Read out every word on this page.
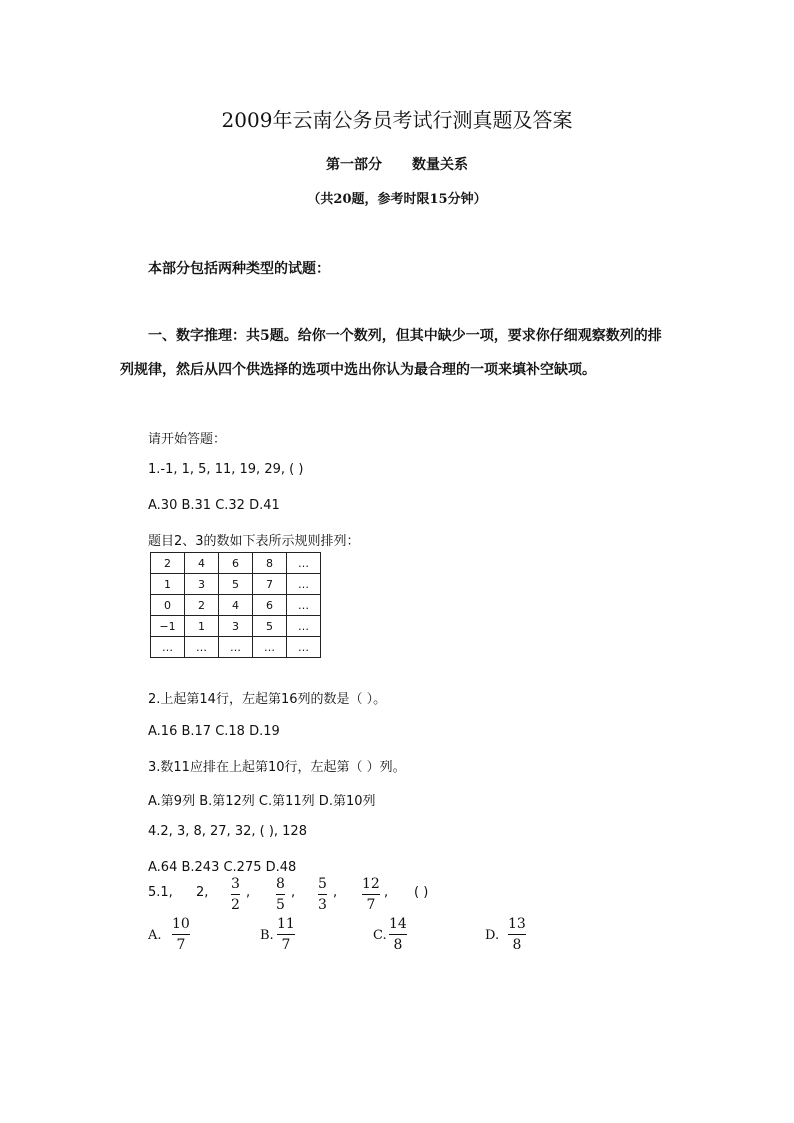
2009年云南公务员考试行测真题及答案
第一部分 数量关系
（共20题，参考时限15分钟）
本部分包括两种类型的试题：
一、数字推理：共5题。给你一个数列，但其中缺少一项，要求你仔细观察数列的排
列规律，然后从四个供选择的选项中选出你认为最合理的一项来填补空缺项。
请开始答题：
1.-1, 1, 5, 11, 19, 29, ( )
A.30 B.31 C.32 D.41
题目2、3的数如下表所示规则排列：
2	4	6	8	…
1	3	5	7	…
0	2	4	6	…
−1	1	3	5	…
…	…	…	…	…
2.上起第14行，左起第16列的数是（ ）。
A.16 B.17 C.18 D.19
3.数11应排在上起第10行，左起第（ ）列。
A.第9列 B.第12列 C.第11列 D.第10列
4.2, 3, 8, 27, 32, ( ), 128
A.64 B.243 C.275 D.48
5.1, 2,
3
2
,
8
5
,
5
3
,
12
7
, ( )
A.
10
7
B.
11
7
C.
14
8
D.
13
8
